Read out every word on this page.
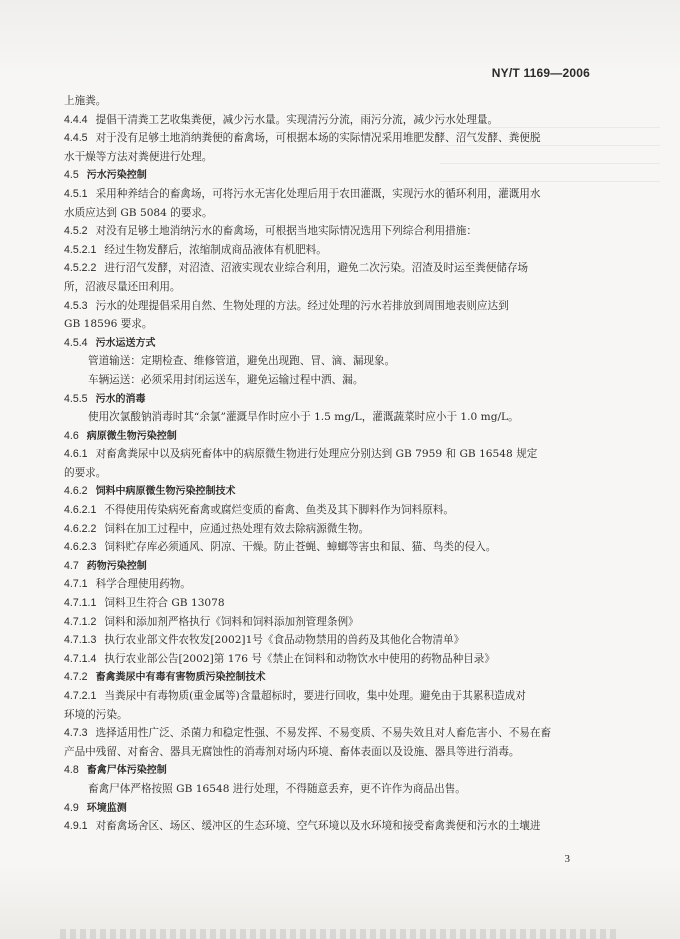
NY/T 1169—2006
上施粪。
4.4.4 提倡干清粪工艺收集粪便，减少污水量。实现清污分流，雨污分流，减少污水处理量。
4.4.5 对于没有足够土地消纳粪便的畜禽场，可根据本场的实际情况采用堆肥发酵、沼气发酵、粪便脱
水干燥等方法对粪便进行处理。
4.5 污水污染控制
4.5.1 采用种养结合的畜禽场，可将污水无害化处理后用于农田灌溉，实现污水的循环利用，灌溉用水
水质应达到 GB 5084 的要求。
4.5.2 对没有足够土地消纳污水的畜禽场，可根据当地实际情况选用下列综合利用措施：
4.5.2.1 经过生物发酵后，浓缩制成商品液体有机肥料。
4.5.2.2 进行沼气发酵，对沼渣、沼液实现农业综合利用，避免二次污染。沼渣及时运至粪便储存场
所，沼液尽量还田利用。
4.5.3 污水的处理提倡采用自然、生物处理的方法。经过处理的污水若排放到周围地表则应达到
GB 18596 要求。
4.5.4 污水运送方式
管道输送：定期检查、维修管道，避免出现跑、冒、滴、漏现象。
车辆运送：必须采用封闭运送车，避免运输过程中洒、漏。
4.5.5 污水的消毒
使用次氯酸钠消毒时其“余氯”灌溉旱作时应小于 1.5 mg/L，灌溉蔬菜时应小于 1.0 mg/L。
4.6 病原微生物污染控制
4.6.1 对畜禽粪尿中以及病死畜体中的病原微生物进行处理应分别达到 GB 7959 和 GB 16548 规定
的要求。
4.6.2 饲料中病原微生物污染控制技术
4.6.2.1 不得使用传染病死畜禽或腐烂变质的畜禽、鱼类及其下脚料作为饲料原料。
4.6.2.2 饲料在加工过程中，应通过热处理有效去除病源微生物。
4.6.2.3 饲料贮存库必须通风、阴凉、干燥。防止苍蝇、蟑螂等害虫和鼠、猫、鸟类的侵入。
4.7 药物污染控制
4.7.1 科学合理使用药物。
4.7.1.1 饲料卫生符合 GB 13078
4.7.1.2 饲料和添加剂严格执行《饲料和饲料添加剂管理条例》
4.7.1.3 执行农业部文件农牧发[2002]1号《食品动物禁用的兽药及其他化合物清单》
4.7.1.4 执行农业部公告[2002]第 176 号《禁止在饲料和动物饮水中使用的药物品种目录》
4.7.2 畜禽粪尿中有毒有害物质污染控制技术
4.7.2.1 当粪尿中有毒物质(重金属等)含量超标时，要进行回收，集中处理。避免由于其累积造成对
环境的污染。
4.7.3 选择适用性广泛、杀菌力和稳定性强、不易发挥、不易变质、不易失效且对人畜危害小、不易在畜
产品中残留、对畜舍、器具无腐蚀性的消毒剂对场内环境、畜体表面以及设施、器具等进行消毒。
4.8 畜禽尸体污染控制
畜禽尸体严格按照 GB 16548 进行处理，不得随意丢弃，更不许作为商品出售。
4.9 环境监测
4.9.1 对畜禽场舍区、场区、缓冲区的生态环境、空气环境以及水环境和接受畜禽粪便和污水的土壤进
3
